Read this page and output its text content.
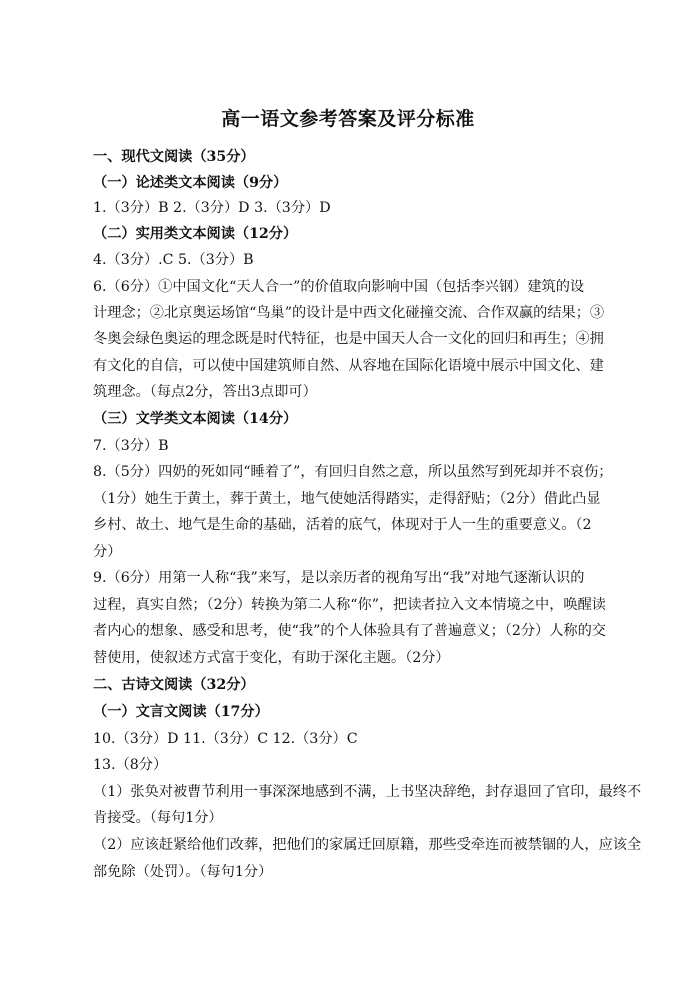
高一语文参考答案及评分标准
一、现代文阅读（35分）
（一）论述类文本阅读（9分）
1.（3分）B 2.（3分）D 3.（3分）D
（二）实用类文本阅读（12分）
4.（3分）.C 5.（3分）B
6.（6分）①中国文化“天人合一”的价值取向影响中国（包括李兴钢）建筑的设
计理念；②北京奥运场馆“鸟巢”的设计是中西文化碰撞交流、合作双赢的结果；③
冬奥会绿色奥运的理念既是时代特征，也是中国天人合一文化的回归和再生；④拥
有文化的自信，可以使中国建筑师自然、从容地在国际化语境中展示中国文化、建
筑理念。（每点2分，答出3点即可）
（三）文学类文本阅读（14分）
7.（3分）B
8.（5分）四奶的死如同“睡着了”，有回归自然之意，所以虽然写到死却并不哀伤；
（1分）她生于黄土，葬于黄土，地气使她活得踏实，走得舒贴；（2分）借此凸显
乡村、故土、地气是生命的基础，活着的底气，体现对于人一生的重要意义。（2
分）
9.（6分）用第一人称“我”来写，是以亲历者的视角写出“我”对地气逐渐认识的
过程，真实自然；（2分）转换为第二人称“你”，把读者拉入文本情境之中，唤醒读
者内心的想象、感受和思考，使“我”的个人体验具有了普遍意义；（2分）人称的交
替使用，使叙述方式富于变化，有助于深化主题。（2分）
二、古诗文阅读（32分）
（一）文言文阅读（17分）
10.（3分）D 11.（3分）C 12.（3分）C
13.（8分）
（1）张奂对被曹节利用一事深深地感到不满，上书坚决辞绝，封存退回了官印，最终不
肯接受。（每句1分）
（2）应该赶紧给他们改葬，把他们的家属迁回原籍，那些受牵连而被禁锢的人，应该全
部免除（处罚）。（每句1分）
